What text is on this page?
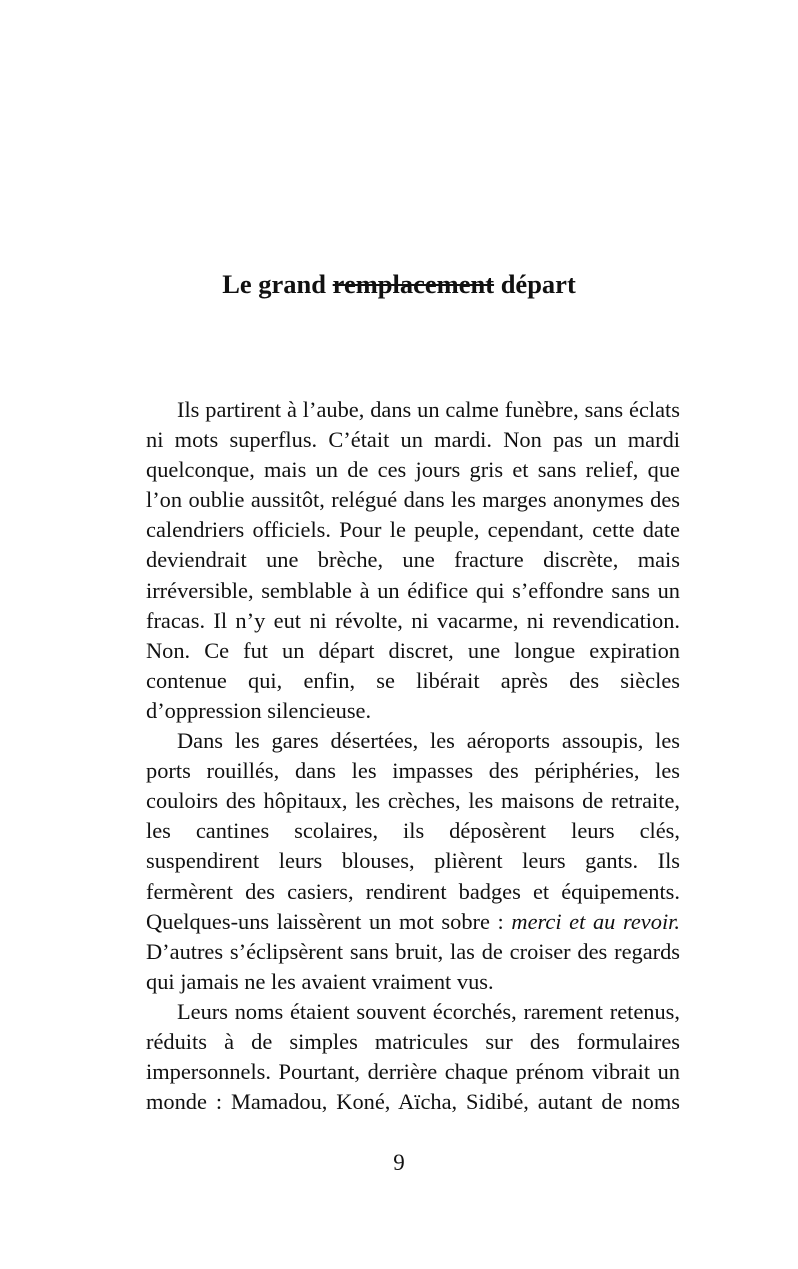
Le grand remplacement départ

Ils partirent à l’aube, dans un calme funèbre, sans éclats ni mots superflus. C’était un mardi. Non pas un mardi quelconque, mais un de ces jours gris et sans relief, que l’on oublie aussitôt, relégué dans les marges anonymes des calendriers officiels. Pour le peuple, cependant, cette date deviendrait une brèche, une fracture discrète, mais irréversible, semblable à un édifice qui s’effondre sans un fracas. Il n’y eut ni révolte, ni vacarme, ni revendication. Non. Ce fut un départ discret, une longue expiration contenue qui, enfin, se libérait après des siècles d’oppression silencieuse.

Dans les gares désertées, les aéroports assoupis, les ports rouillés, dans les impasses des périphéries, les couloirs des hôpitaux, les crèches, les maisons de retraite, les cantines scolaires, ils déposèrent leurs clés, suspendirent leurs blouses, plièrent leurs gants. Ils fermèrent des casiers, rendirent badges et équipements. Quelques-uns laissèrent un mot sobre : merci et au revoir. D’autres s’éclipsèrent sans bruit, las de croiser des regards qui jamais ne les avaient vraiment vus.

Leurs noms étaient souvent écorchés, rarement retenus, réduits à de simples matricules sur des formulaires impersonnels. Pourtant, derrière chaque prénom vibrait un monde : Mamadou, Koné, Aïcha, Sidibé, autant de noms

9
